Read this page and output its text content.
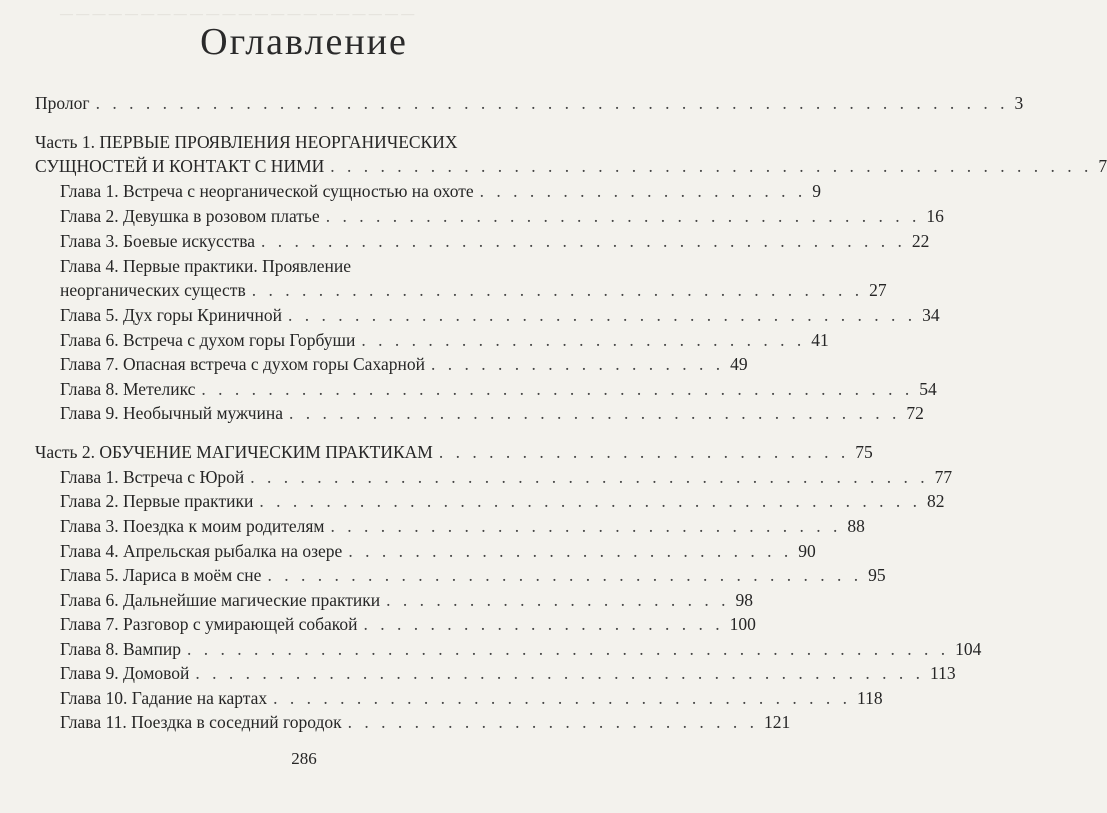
— — — — — — — — — — — — — — — — — — — — — —
Оглавление
Пролог . . . . . . . . . . . . . . . . . . . . . . . . . . . . . . . . . . . . . . . . . . . . . . . . . . . . . . . 3
Часть 1. ПЕРВЫЕ ПРОЯВЛЕНИЯ НЕОРГАНИЧЕСКИХ
СУЩНОСТЕЙ И КОНТАКТ С НИМИ . . . . . . . . . . . . . . . . . . . . . . . . . . . . . . . . . . . . . . . . . . . . . . 7
Глава 1. Встреча с неорганической сущностью на охоте . . . . . . . . . . . . . . . . . . . . 9
Глава 2. Девушка в розовом платье . . . . . . . . . . . . . . . . . . . . . . . . . . . . . . . . . . . . 16
Глава 3. Боевые искусства . . . . . . . . . . . . . . . . . . . . . . . . . . . . . . . . . . . . . . . 22
Глава 4. Первые практики. Проявление
неорганических существ . . . . . . . . . . . . . . . . . . . . . . . . . . . . . . . . . . . . . 27
Глава 5. Дух горы Криничной . . . . . . . . . . . . . . . . . . . . . . . . . . . . . . . . . . . . . . 34
Глава 6. Встреча с духом горы Горбуши . . . . . . . . . . . . . . . . . . . . . . . . . . . 41
Глава 7. Опасная встреча с духом горы Сахарной . . . . . . . . . . . . . . . . . . 49
Глава 8. Метеликс . . . . . . . . . . . . . . . . . . . . . . . . . . . . . . . . . . . . . . . . . . . 54
Глава 9. Необычный мужчина . . . . . . . . . . . . . . . . . . . . . . . . . . . . . . . . . . . . . 72
Часть 2. ОБУЧЕНИЕ МАГИЧЕСКИМ ПРАКТИКАМ . . . . . . . . . . . . . . . . . . . . . . . . . 75
Глава 1. Встреча с Юрой . . . . . . . . . . . . . . . . . . . . . . . . . . . . . . . . . . . . . . . . . 77
Глава 2. Первые практики . . . . . . . . . . . . . . . . . . . . . . . . . . . . . . . . . . . . . . . . 82
Глава 3. Поездка к моим родителям . . . . . . . . . . . . . . . . . . . . . . . . . . . . . . . 88
Глава 4. Апрельская рыбалка на озере . . . . . . . . . . . . . . . . . . . . . . . . . . . 90
Глава 5. Лариса в моём сне . . . . . . . . . . . . . . . . . . . . . . . . . . . . . . . . . . . . 95
Глава 6. Дальнейшие магические практики . . . . . . . . . . . . . . . . . . . . . 98
Глава 7. Разговор с умирающей собакой . . . . . . . . . . . . . . . . . . . . . . 100
Глава 8. Вампир . . . . . . . . . . . . . . . . . . . . . . . . . . . . . . . . . . . . . . . . . . . . . . 104
Глава 9. Домовой . . . . . . . . . . . . . . . . . . . . . . . . . . . . . . . . . . . . . . . . . . . . 113
Глава 10. Гадание на картах . . . . . . . . . . . . . . . . . . . . . . . . . . . . . . . . . . . 118
Глава 11. Поездка в соседний городок . . . . . . . . . . . . . . . . . . . . . . . . . 121
286
